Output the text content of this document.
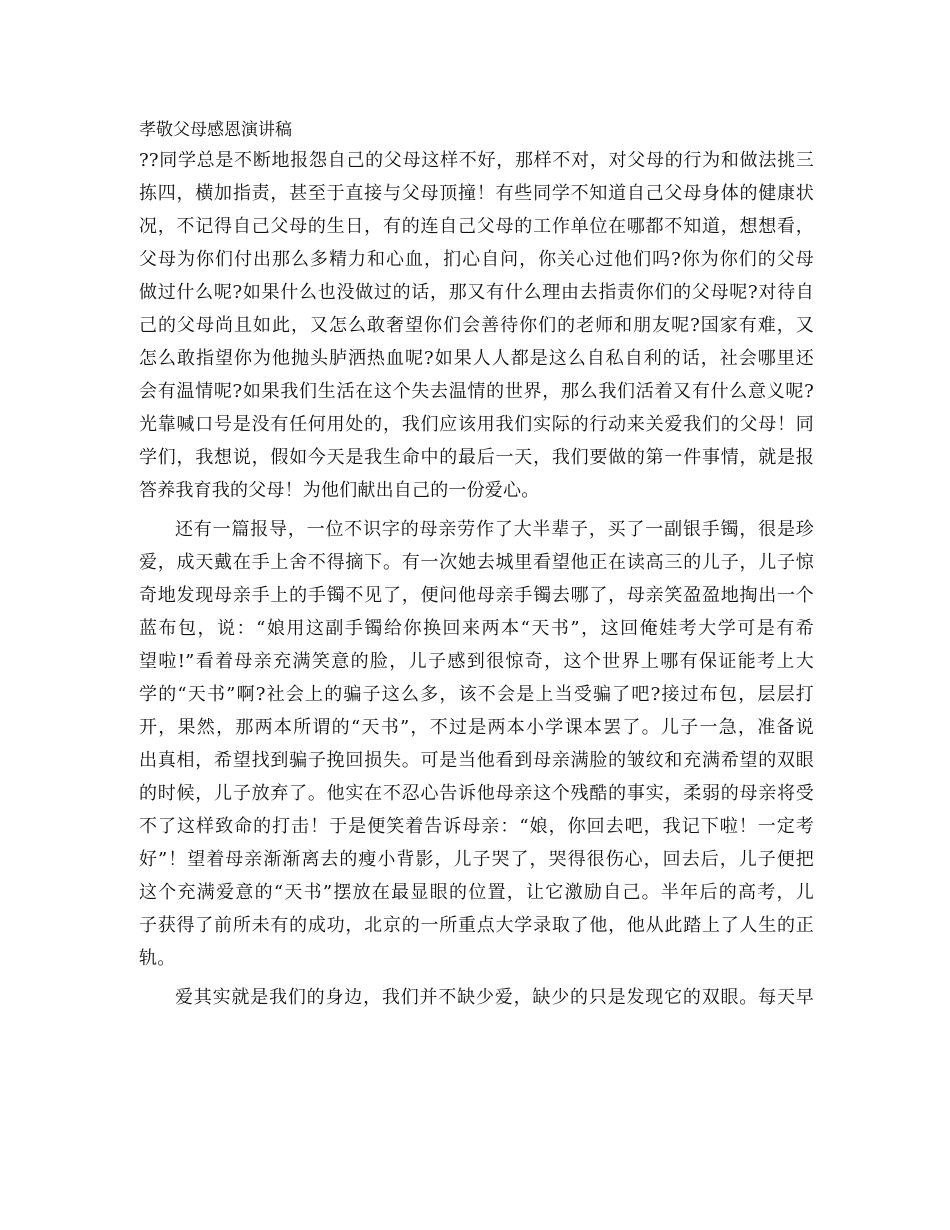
孝敬父母感恩演讲稿
??同学总是不断地报怨自己的父母这样不好，那样不对，对父母的行为和做法挑三
拣四，横加指责，甚至于直接与父母顶撞！有些同学不知道自己父母身体的健康状
况，不记得自己父母的生日，有的连自己父母的工作单位在哪都不知道，想想看，
父母为你们付出那么多精力和心血，扪心自问，你关心过他们吗?你为你们的父母
做过什么呢?如果什么也没做过的话，那又有什么理由去指责你们的父母呢?对待自
己的父母尚且如此，又怎么敢奢望你们会善待你们的老师和朋友呢?国家有难，又
怎么敢指望你为他抛头胪洒热血呢?如果人人都是这么自私自利的话，社会哪里还
会有温情呢?如果我们生活在这个失去温情的世界，那么我们活着又有什么意义呢?
光靠喊口号是没有任何用处的，我们应该用我们实际的行动来关爱我们的父母！同
学们，我想说，假如今天是我生命中的最后一天，我们要做的第一件事情，就是报
答养我育我的父母！为他们献出自己的一份爱心。
还有一篇报导，一位不识字的母亲劳作了大半辈子，买了一副银手镯，很是珍
爱，成天戴在手上舍不得摘下。有一次她去城里看望他正在读高三的儿子，儿子惊
奇地发现母亲手上的手镯不见了，便问他母亲手镯去哪了，母亲笑盈盈地掏出一个
蓝布包，说：“娘用这副手镯给你换回来两本“天书”，这回俺娃考大学可是有希
望啦!”看着母亲充满笑意的脸，儿子感到很惊奇，这个世界上哪有保证能考上大
学的“天书”啊?社会上的骗子这么多，该不会是上当受骗了吧?接过布包，层层打
开，果然，那两本所谓的“天书”，不过是两本小学课本罢了。儿子一急，准备说
出真相，希望找到骗子挽回损失。可是当他看到母亲满脸的皱纹和充满希望的双眼
的时候，儿子放弃了。他实在不忍心告诉他母亲这个残酷的事实，柔弱的母亲将受
不了这样致命的打击！于是便笑着告诉母亲：“娘，你回去吧，我记下啦！一定考
好”！望着母亲渐渐离去的瘦小背影，儿子哭了，哭得很伤心，回去后，儿子便把
这个充满爱意的“天书”摆放在最显眼的位置，让它激励自己。半年后的高考，儿
子获得了前所未有的成功，北京的一所重点大学录取了他，他从此踏上了人生的正
轨。
爱其实就是我们的身边，我们并不缺少爱，缺少的只是发现它的双眼。每天早
